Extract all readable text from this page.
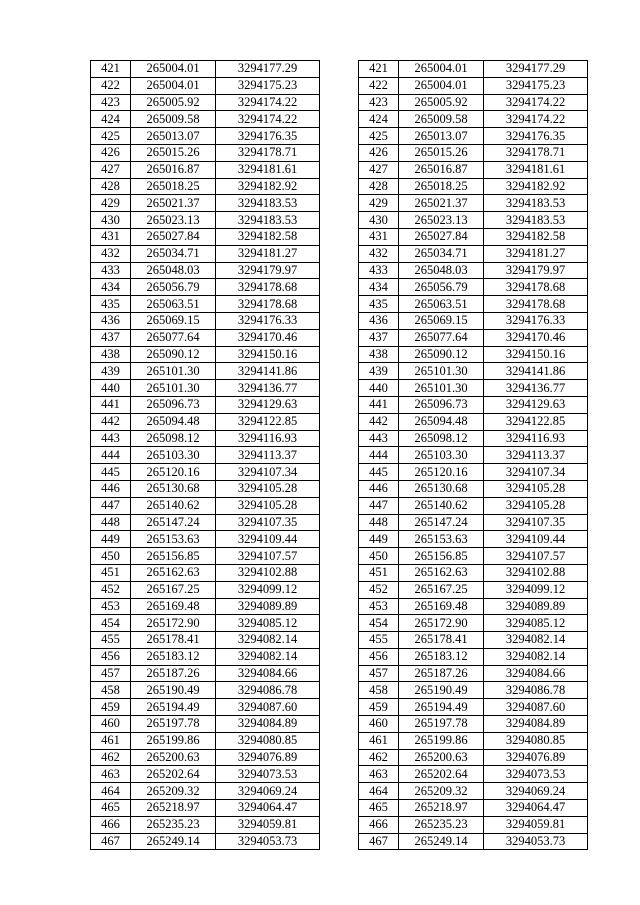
421	265004.01	3294177.29
422	265004.01	3294175.23
423	265005.92	3294174.22
424	265009.58	3294174.22
425	265013.07	3294176.35
426	265015.26	3294178.71
427	265016.87	3294181.61
428	265018.25	3294182.92
429	265021.37	3294183.53
430	265023.13	3294183.53
431	265027.84	3294182.58
432	265034.71	3294181.27
433	265048.03	3294179.97
434	265056.79	3294178.68
435	265063.51	3294178.68
436	265069.15	3294176.33
437	265077.64	3294170.46
438	265090.12	3294150.16
439	265101.30	3294141.86
440	265101.30	3294136.77
441	265096.73	3294129.63
442	265094.48	3294122.85
443	265098.12	3294116.93
444	265103.30	3294113.37
445	265120.16	3294107.34
446	265130.68	3294105.28
447	265140.62	3294105.28
448	265147.24	3294107.35
449	265153.63	3294109.44
450	265156.85	3294107.57
451	265162.63	3294102.88
452	265167.25	3294099.12
453	265169.48	3294089.89
454	265172.90	3294085.12
455	265178.41	3294082.14
456	265183.12	3294082.14
457	265187.26	3294084.66
458	265190.49	3294086.78
459	265194.49	3294087.60
460	265197.78	3294084.89
461	265199.86	3294080.85
462	265200.63	3294076.89
463	265202.64	3294073.53
464	265209.32	3294069.24
465	265218.97	3294064.47
466	265235.23	3294059.81
467	265249.14	3294053.73
421	265004.01	3294177.29
422	265004.01	3294175.23
423	265005.92	3294174.22
424	265009.58	3294174.22
425	265013.07	3294176.35
426	265015.26	3294178.71
427	265016.87	3294181.61
428	265018.25	3294182.92
429	265021.37	3294183.53
430	265023.13	3294183.53
431	265027.84	3294182.58
432	265034.71	3294181.27
433	265048.03	3294179.97
434	265056.79	3294178.68
435	265063.51	3294178.68
436	265069.15	3294176.33
437	265077.64	3294170.46
438	265090.12	3294150.16
439	265101.30	3294141.86
440	265101.30	3294136.77
441	265096.73	3294129.63
442	265094.48	3294122.85
443	265098.12	3294116.93
444	265103.30	3294113.37
445	265120.16	3294107.34
446	265130.68	3294105.28
447	265140.62	3294105.28
448	265147.24	3294107.35
449	265153.63	3294109.44
450	265156.85	3294107.57
451	265162.63	3294102.88
452	265167.25	3294099.12
453	265169.48	3294089.89
454	265172.90	3294085.12
455	265178.41	3294082.14
456	265183.12	3294082.14
457	265187.26	3294084.66
458	265190.49	3294086.78
459	265194.49	3294087.60
460	265197.78	3294084.89
461	265199.86	3294080.85
462	265200.63	3294076.89
463	265202.64	3294073.53
464	265209.32	3294069.24
465	265218.97	3294064.47
466	265235.23	3294059.81
467	265249.14	3294053.73
